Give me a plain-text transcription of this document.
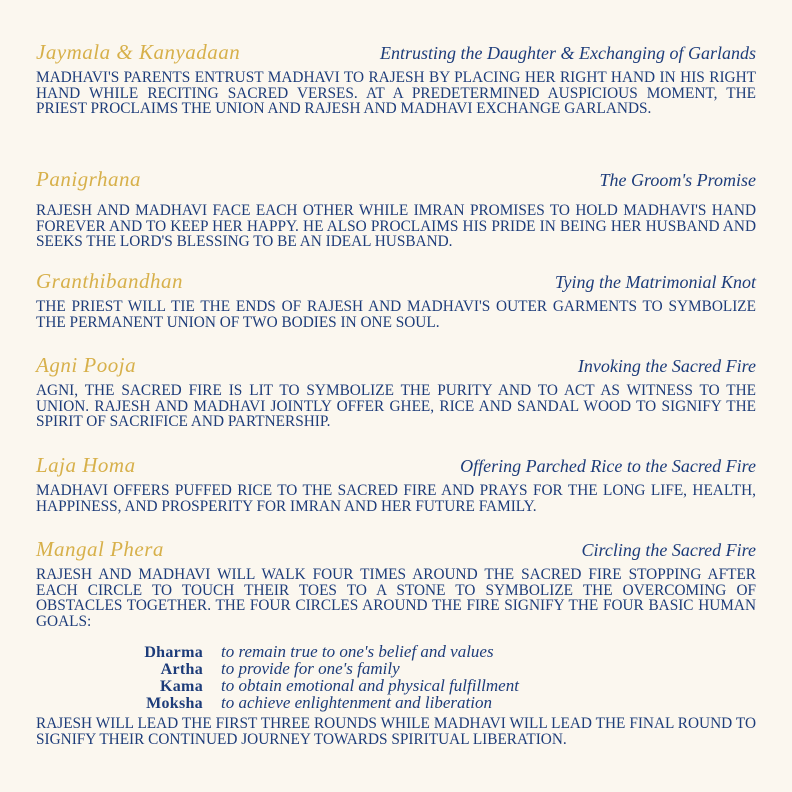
Jaymala & Kanyadaan	Entrusting the Daughter & Exchanging of Garlands

MADHAVI'S PARENTS ENTRUST MADHAVI TO RAJESH BY PLACING HER RIGHT HAND IN HIS RIGHT HAND WHILE RECITING SACRED VERSES. AT A PREDETERMINED AUSPICIOUS MOMENT, THE PRIEST PROCLAIMS THE UNION AND RAJESH AND MADHAVI EXCHANGE GARLANDS.

Panigrhana	The Groom's Promise

RAJESH AND MADHAVI FACE EACH OTHER WHILE IMRAN PROMISES TO HOLD MADHAVI'S HAND FOREVER AND TO KEEP HER HAPPY. HE ALSO PROCLAIMS HIS PRIDE IN BEING HER HUSBAND AND SEEKS THE LORD'S BLESSING TO BE AN IDEAL HUSBAND.

Granthibandhan	Tying the Matrimonial Knot

THE PRIEST WILL TIE THE ENDS OF RAJESH AND MADHAVI'S OUTER GARMENTS TO SYMBOLIZE THE PERMANENT UNION OF TWO BODIES IN ONE SOUL.

Agni Pooja	Invoking the Sacred Fire

AGNI, THE SACRED FIRE IS LIT TO SYMBOLIZE THE PURITY AND TO ACT AS WITNESS TO THE UNION. RAJESH AND MADHAVI JOINTLY OFFER GHEE, RICE AND SANDAL WOOD TO SIGNIFY THE SPIRIT OF SACRIFICE AND PARTNERSHIP.

Laja Homa	Offering Parched Rice to the Sacred Fire

MADHAVI OFFERS PUFFED RICE TO THE SACRED FIRE AND PRAYS FOR THE LONG LIFE, HEALTH, HAPPINESS, AND PROSPERITY FOR IMRAN AND HER FUTURE FAMILY.

Mangal Phera	Circling the Sacred Fire

RAJESH AND MADHAVI WILL WALK FOUR TIMES AROUND THE SACRED FIRE STOPPING AFTER EACH CIRCLE TO TOUCH THEIR TOES TO A STONE TO SYMBOLIZE THE OVERCOMING OF OBSTACLES TOGETHER. THE FOUR CIRCLES AROUND THE FIRE SIGNIFY THE FOUR BASIC HUMAN GOALS:

Dharma	to remain true to one's belief and values
Artha	to provide for one's family
Kama	to obtain emotional and physical fulfillment
Moksha	to achieve enlightenment and liberation

RAJESH WILL LEAD THE FIRST THREE ROUNDS WHILE MADHAVI WILL LEAD THE FINAL ROUND TO SIGNIFY THEIR CONTINUED JOURNEY TOWARDS SPIRITUAL LIBERATION.
